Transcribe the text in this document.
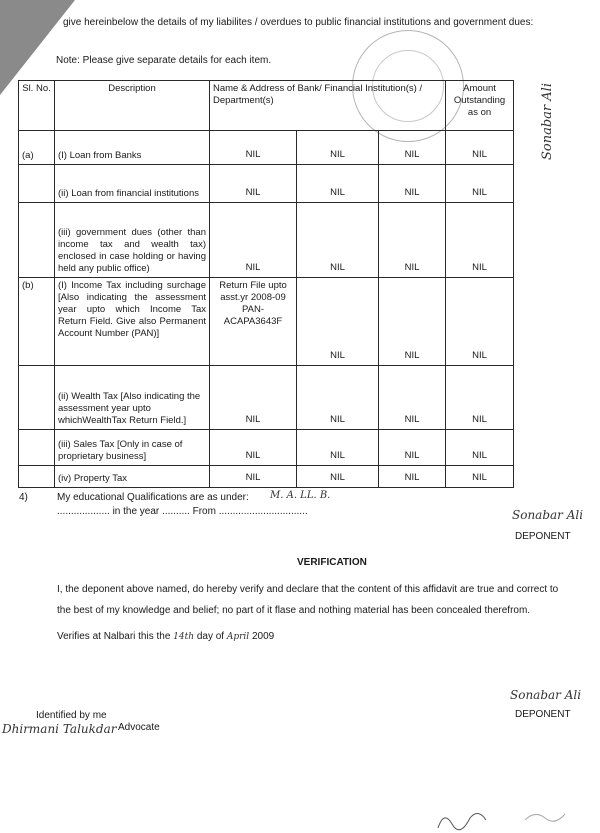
give hereinbelow the details of my liabilites / overdues to public financial institutions and government dues:
Note: Please give separate details for each item.
Sl. No.	Description	Name & Address of Bank/ Financial Institution(s) / Department(s)			Amount Outstanding as on
(a)	(I) Loan from Banks	NIL	NIL	NIL	NIL
	(ii) Loan from financial institutions	NIL	NIL	NIL	NIL
	(iii) government dues (other than income tax and wealth tax) enclosed in case holding or having held any public office)	NIL	NIL	NIL	NIL
(b)	(I) Income Tax including surchage [Also indicating the assessment year upto which Income Tax Return Field. Give also Permanent Account Number (PAN)]	Return File upto asst.yr 2008-09 PAN- ACAPA3643F	NIL	NIL	NIL
	(ii) Wealth Tax [Also indicating the assessment year upto whichWealthTax Return Field.]	NIL	NIL	NIL	NIL
	(iii) Sales Tax [Only in case of proprietary business]	NIL	NIL	NIL	NIL
	(iv) Property Tax	NIL	NIL	NIL	NIL
Sonabar Ali
4)	My educational Qualifications are as under: M. A. LL. B.
................... in the year .......... From ................................	Sonabar Ali
DEPONENT
VERIFICATION
I, the deponent above named, do hereby verify and declare that the content of this affidavit are true and correct to
the best of my knowledge and belief; no part of it flase and nothing material has been concealed therefrom.
Verifies at Nalbari this the 14th day of April 2009
Sonabar Ali
DEPONENT
Identified by me
Dhirmani Talukdar Advocate
